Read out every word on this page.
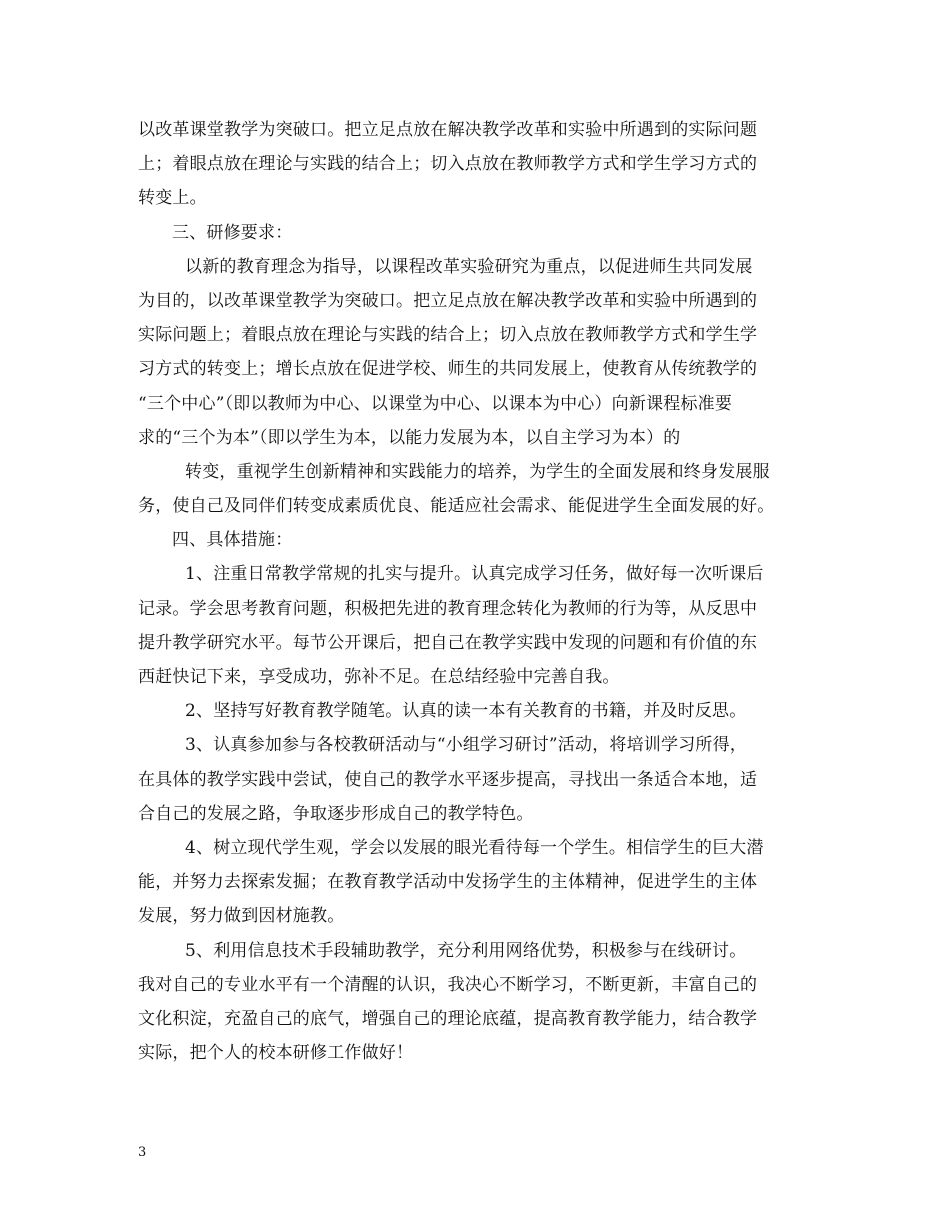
以改革课堂教学为突破口。把立足点放在解决教学改革和实验中所遇到的实际问题
上；着眼点放在理论与实践的结合上；切入点放在教师教学方式和学生学习方式的
转变上。
三、研修要求：
以新的教育理念为指导，以课程改革实验研究为重点，以促进师生共同发展
为目的，以改革课堂教学为突破口。把立足点放在解决教学改革和实验中所遇到的
实际问题上；着眼点放在理论与实践的结合上；切入点放在教师教学方式和学生学
习方式的转变上；增长点放在促进学校、师生的共同发展上，使教育从传统教学的
“三个中心”（即以教师为中心、以课堂为中心、以课本为中心）向新课程标准要
求的“三个为本”（即以学生为本，以能力发展为本，以自主学习为本）的
转变，重视学生创新精神和实践能力的培养，为学生的全面发展和终身发展服
务，使自己及同伴们转变成素质优良、能适应社会需求、能促进学生全面发展的好。
四、具体措施：
1、注重日常教学常规的扎实与提升。认真完成学习任务，做好每一次听课后
记录。学会思考教育问题，积极把先进的教育理念转化为教师的行为等，从反思中
提升教学研究水平。每节公开课后，把自己在教学实践中发现的问题和有价值的东
西赶快记下来，享受成功，弥补不足。在总结经验中完善自我。
2、坚持写好教育教学随笔。认真的读一本有关教育的书籍，并及时反思。
3、认真参加参与各校教研活动与“小组学习研讨”活动，将培训学习所得，
在具体的教学实践中尝试，使自己的教学水平逐步提高，寻找出一条适合本地，适
合自己的发展之路，争取逐步形成自己的教学特色。
4、树立现代学生观，学会以发展的眼光看待每一个学生。相信学生的巨大潜
能，并努力去探索发掘；在教育教学活动中发扬学生的主体精神，促进学生的主体
发展，努力做到因材施教。
5、利用信息技术手段辅助教学，充分利用网络优势，积极参与在线研讨。
我对自己的专业水平有一个清醒的认识，我决心不断学习，不断更新，丰富自己的
文化积淀，充盈自己的底气，增强自己的理论底蕴，提高教育教学能力，结合教学
实际，把个人的校本研修工作做好！
3
